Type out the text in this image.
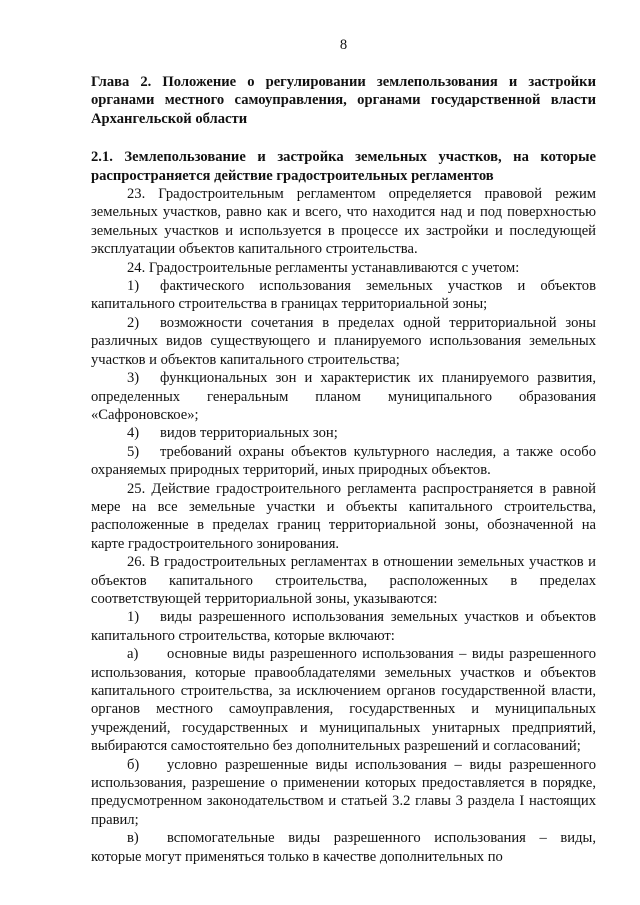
8
Глава 2. Положение о регулировании землепользования и застройки органами местного самоуправления, органами государственной власти Архангельской области
2.1. Землепользование и застройка земельных участков, на которые распространяется действие градостроительных регламентов

23. Градостроительным регламентом определяется правовой режим земельных участков, равно как и всего, что находится над и под поверхностью земельных участков и используется в процессе их застройки и последующей эксплуатации объектов капитального строительства.

24. Градостроительные регламенты устанавливаются с учетом:

1) фактического использования земельных участков и объектов капитального строительства в границах территориальной зоны;

2) возможности сочетания в пределах одной территориальной зоны различных видов существующего и планируемого использования земельных участков и объектов капитального строительства;

3) функциональных зон и характеристик их планируемого развития, определенных генеральным планом муниципального образования «Сафроновское»;

4) видов территориальных зон;

5) требований охраны объектов культурного наследия, а также особо охраняемых природных территорий, иных природных объектов.

25. Действие градостроительного регламента распространяется в равной мере на все земельные участки и объекты капитального строительства, расположенные в пределах границ территориальной зоны, обозначенной на карте градостроительного зонирования.

26. В градостроительных регламентах в отношении земельных участков и объектов капитального строительства, расположенных в пределах соответствующей территориальной зоны, указываются:

1) виды разрешенного использования земельных участков и объектов капитального строительства, которые включают:

а) основные виды разрешенного использования – виды разрешенного использования, которые правообладателями земельных участков и объектов капитального строительства, за исключением органов государственной власти, органов местного самоуправления, государственных и муниципальных учреждений, государственных и муниципальных унитарных предприятий, выбираются самостоятельно без дополнительных разрешений и согласований;

б) условно разрешенные виды использования – виды разрешенного использования, разрешение о применении которых предоставляется в порядке, предусмотренном законодательством и статьей 3.2 главы 3 раздела I настоящих правил;

в) вспомогательные виды разрешенного использования – виды, которые могут применяться только в качестве дополнительных по
